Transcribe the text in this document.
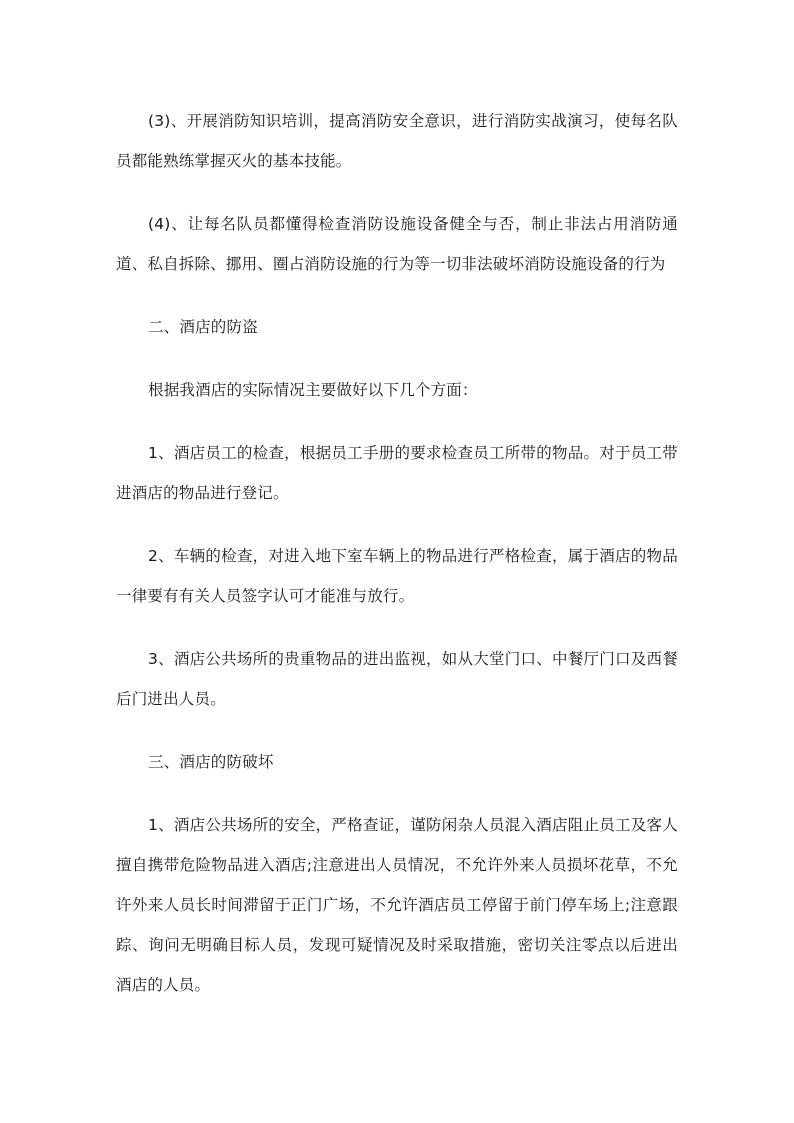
(3)、开展消防知识培训，提高消防安全意识，进行消防实战演习，使每名队员都能熟练掌握灭火的基本技能。

(4)、让每名队员都懂得检查消防设施设备健全与否，制止非法占用消防通道、私自拆除、挪用、圈占消防设施的行为等一切非法破坏消防设施设备的行为

二、酒店的防盗

根据我酒店的实际情况主要做好以下几个方面：

1、酒店员工的检查，根据员工手册的要求检查员工所带的物品。对于员工带进酒店的物品进行登记。

2、车辆的检查，对进入地下室车辆上的物品进行严格检查，属于酒店的物品一律要有有关人员签字认可才能准与放行。

3、酒店公共场所的贵重物品的进出监视，如从大堂门口、中餐厅门口及西餐后门进出人员。

三、酒店的防破坏

1、酒店公共场所的安全，严格查证，谨防闲杂人员混入酒店阻止员工及客人擅自携带危险物品进入酒店;注意进出人员情况，不允许外来人员损坏花草，不允许外来人员长时间滞留于正门广场，不允许酒店员工停留于前门停车场上;注意跟踪、询问无明确目标人员，发现可疑情况及时采取措施，密切关注零点以后进出酒店的人员。
